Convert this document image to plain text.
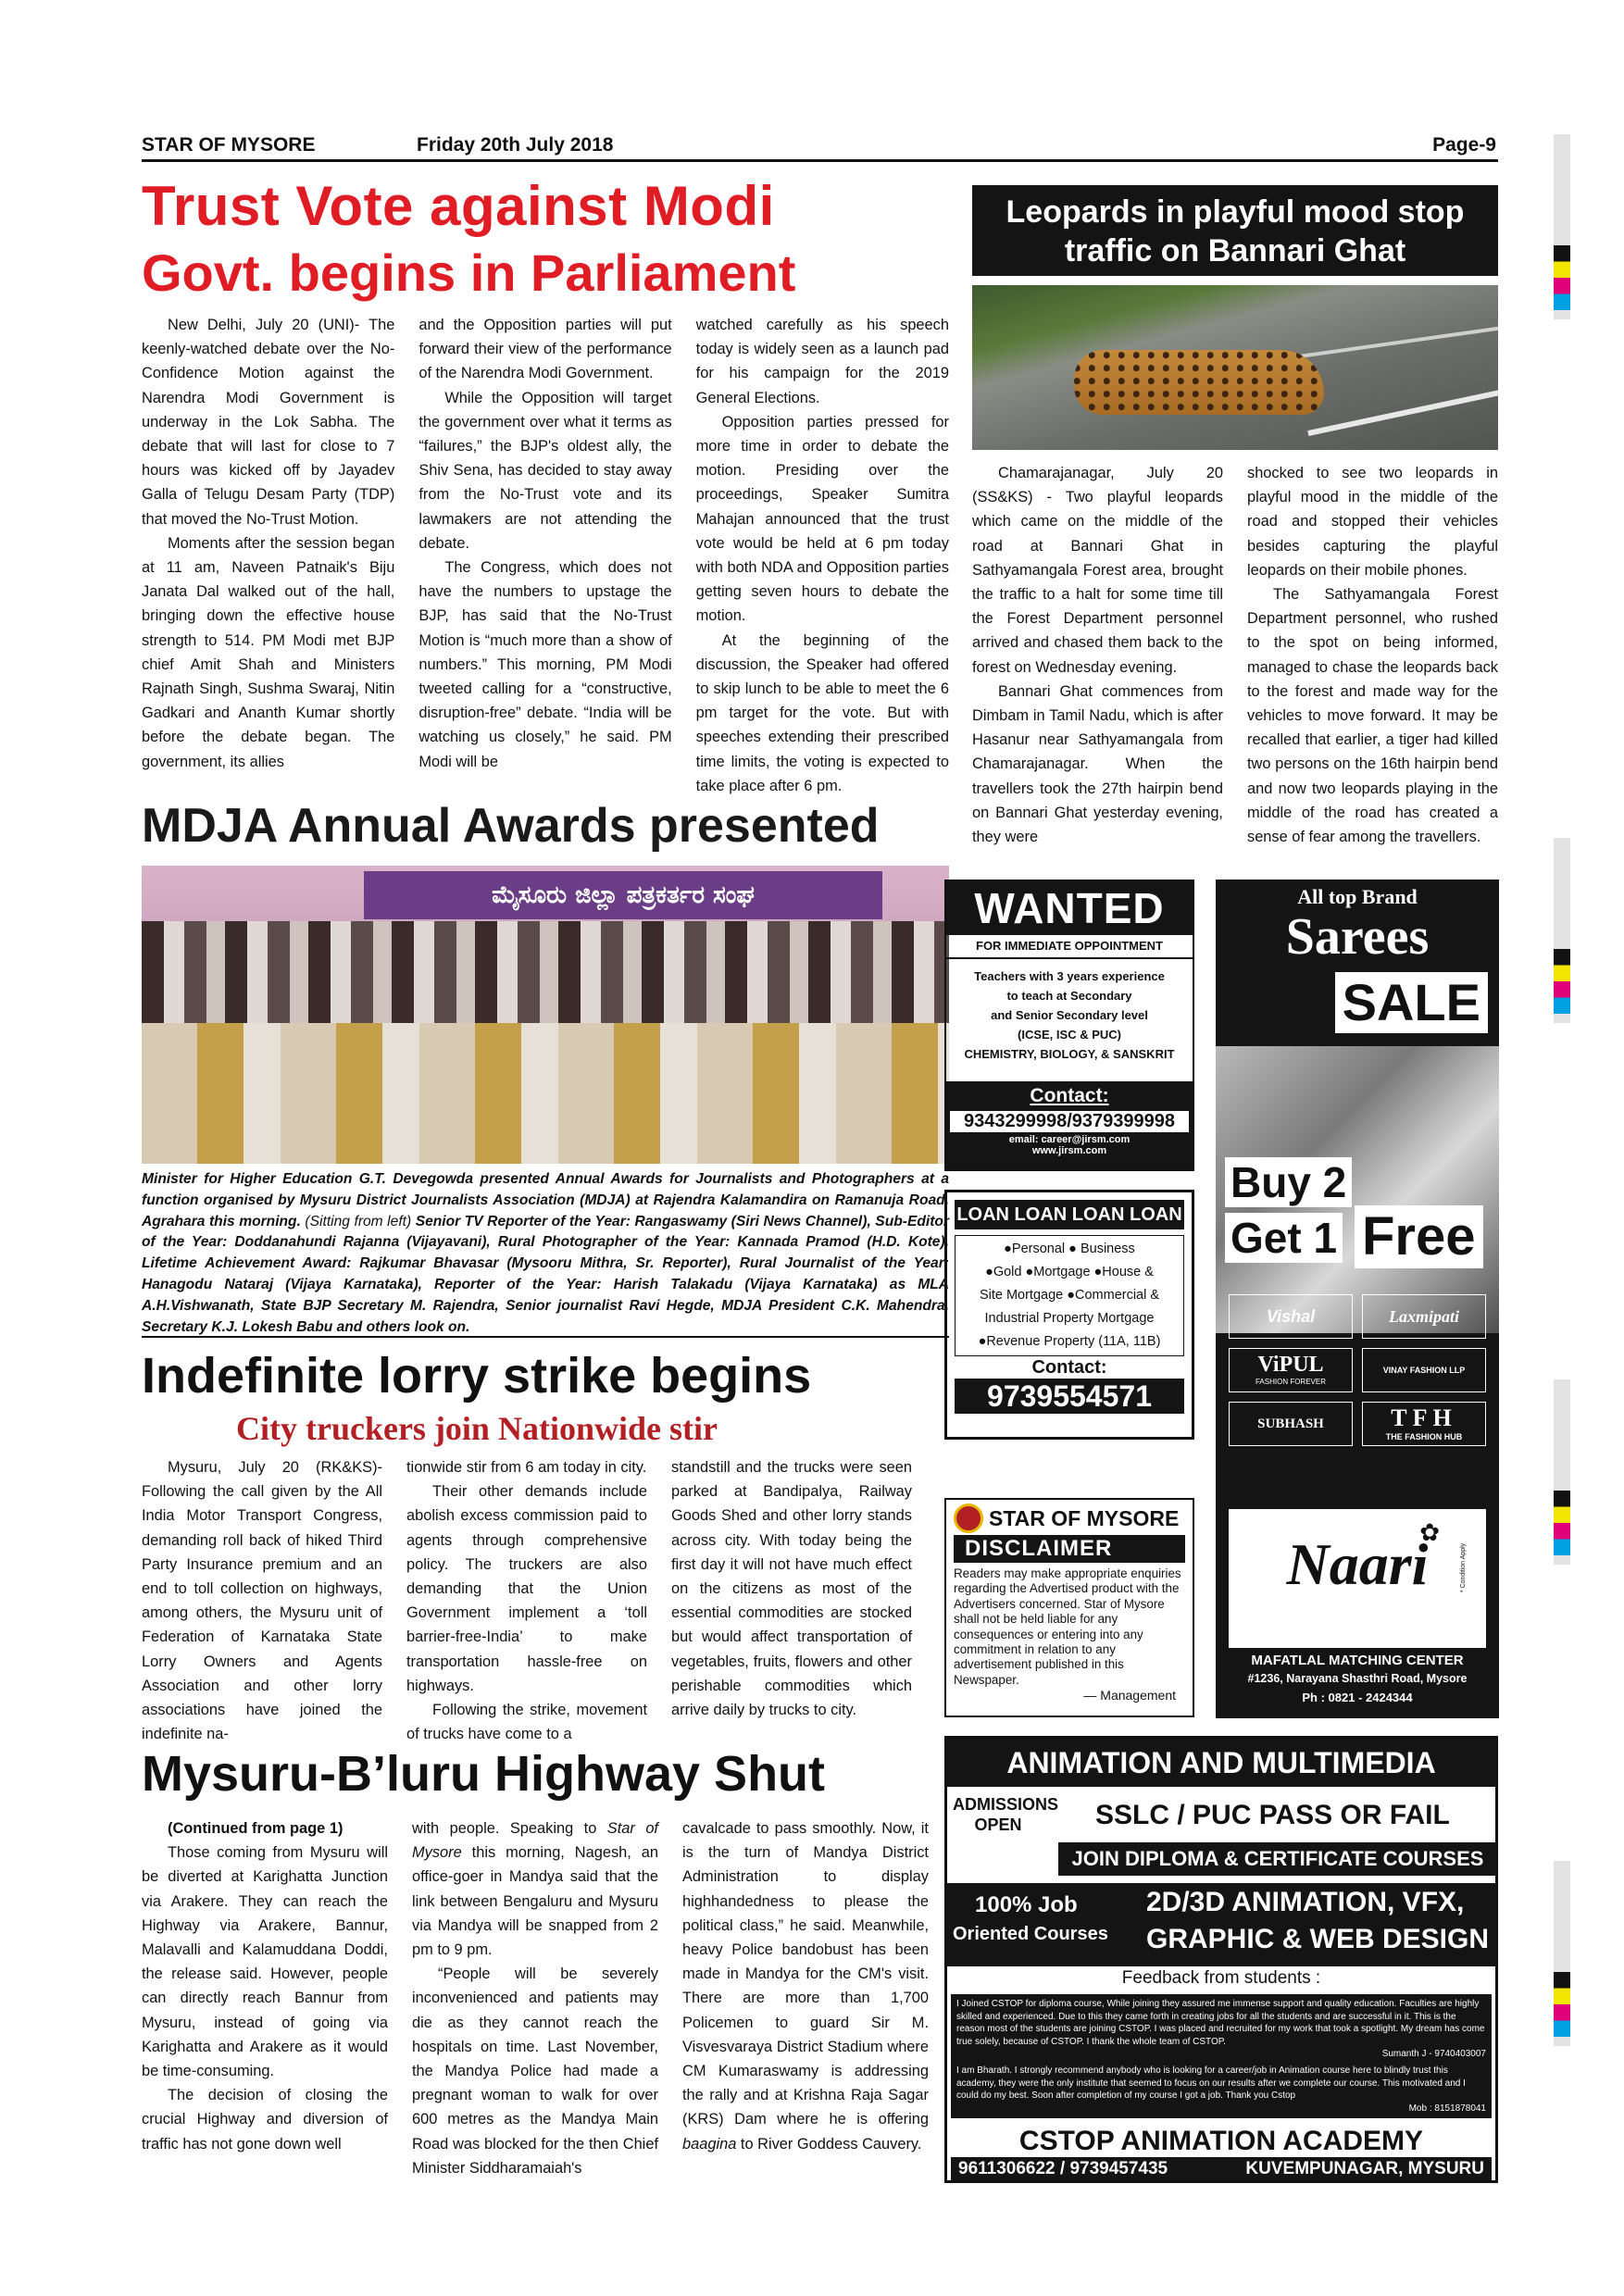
STAR OF MYSORE	Friday 20th July 2018	Page-9
Trust Vote against Modi
Govt. begins in Parliament

New Delhi, July 20 (UNI)- The keenly-watched debate over the No-Confidence Motion against the Narendra Modi Government is underway in the Lok Sabha. The debate that will last for close to 7 hours was kicked off by Jayadev Galla of Telugu Desam Party (TDP) that moved the No-Trust Motion.

Moments after the session began at 11 am, Naveen Patnaik's Biju Janata Dal walked out of the hall, bringing down the effective house strength to 514. PM Modi met BJP chief Amit Shah and Ministers Rajnath Singh, Sushma Swaraj, Nitin Gadkari and Ananth Kumar shortly before the debate began. The government, its allies

and the Opposition parties will put forward their view of the performance of the Narendra Modi Government.

While the Opposition will target the government over what it terms as “failures,” the BJP's oldest ally, the Shiv Sena, has decided to stay away from the No-Trust vote and its lawmakers are not attending the debate.

The Congress, which does not have the numbers to upstage the BJP, has said that the No-Trust Motion is “much more than a show of numbers.” This morning, PM Modi tweeted calling for a “constructive, disruption-free” debate. “India will be watching us closely,” he said. PM Modi will be

watched carefully as his speech today is widely seen as a launch pad for his campaign for the 2019 General Elections.

Opposition parties pressed for more time in order to debate the motion. Presiding over the proceedings, Speaker Sumitra Mahajan announced that the trust vote would be held at 6 pm today with both NDA and Opposition parties getting seven hours to debate the motion.

At the beginning of the discussion, the Speaker had offered to skip lunch to be able to meet the 6 pm target for the vote. But with speeches extending their prescribed time limits, the voting is expected to take place after 6 pm.

Leopards in playful mood stop
traffic on Bannari Ghat

Chamarajanagar, July 20 (SS&KS) - Two playful leopards which came on the middle of the road at Bannari Ghat in Sathyamangala Forest area, brought the traffic to a halt for some time till the Forest Department personnel arrived and chased them back to the forest on Wednesday evening.

Bannari Ghat commences from Dimbam in Tamil Nadu, which is after Hasanur near Sathyamangala from Chamarajanagar. When the travellers took the 27th hairpin bend on Bannari Ghat yesterday evening, they were

shocked to see two leopards in playful mood in the middle of the road and stopped their vehicles besides capturing the playful leopards on their mobile phones.

The Sathyamangala Forest Department personnel, who rushed to the spot on being informed, managed to chase the leopards back to the forest and made way for the vehicles to move forward. It may be recalled that earlier, a tiger had killed two persons on the 16th hairpin bend and now two leopards playing in the middle of the road has created a sense of fear among the travellers.

MDJA Annual Awards presented
ಮೈಸೂರು ಜಿಲ್ಲಾ ಪತ್ರಕರ್ತರ ಸಂಘ
Minister for Higher Education G.T. Devegowda presented Annual Awards for Journalists and Photographers at a function organised by Mysuru District Journalists Association (MDJA) at Rajendra Kalamandira on Ramanuja Road, Agrahara this morning. (Sitting from left) Senior TV Reporter of the Year: Rangaswamy (Siri News Channel), Sub-Editor of the Year: Doddanahundi Rajanna (Vijayavani), Rural Photographer of the Year: Kannada Pramod (H.D. Kote), Lifetime Achievement Award: Rajkumar Bhavasar (Mysooru Mithra, Sr. Reporter), Rural Journalist of the Year: Hanagodu Nataraj (Vijaya Karnataka), Reporter of the Year: Harish Talakadu (Vijaya Karnataka) as MLA A.H.Vishwanath, State BJP Secretary M. Rajendra, Senior journalist Ravi Hegde, MDJA President C.K. Mahendra, Secretary K.J. Lokesh Babu and others look on.
Indefinite lorry strike begins
City truckers join Nationwide stir

Mysuru, July 20 (RK&KS)- Following the call given by the All India Motor Transport Congress, demanding roll back of hiked Third Party Insurance premium and an end to toll collection on highways, among others, the Mysuru unit of Federation of Karnataka State Lorry Owners and Agents Association and other lorry associations have joined the indefinite na-

tionwide stir from 6 am today in city.

Their other demands include abolish excess commission paid to agents through comprehensive policy. The truckers are also demanding that the Union Government implement a ‘toll barrier-free-India’ to make transportation hassle-free on highways.

Following the strike, movement of trucks have come to a

standstill and the trucks were seen parked at Bandipalya, Railway Goods Shed and other lorry stands across city. With today being the first day it will not have much effect on the citizens as most of the essential commodities are stocked but would affect transportation of vegetables, fruits, flowers and other perishable commodities which arrive daily by trucks to city.

Mysuru-B’luru Highway Shut

(Continued from page 1)

Those coming from Mysuru will be diverted at Karighatta Junction via Arakere. They can reach the Highway via Arakere, Bannur, Malavalli and Kalamuddana Doddi, the release said. However, people can directly reach Bannur from Mysuru, instead of going via Karighatta and Arakere as it would be time-consuming.

The decision of closing the crucial Highway and diversion of traffic has not gone down well

with people. Speaking to Star of Mysore this morning, Nagesh, an office-goer in Mandya said that the link between Bengaluru and Mysuru via Mandya will be snapped from 2 pm to 9 pm.

“People will be severely inconvenienced and patients may die as they cannot reach the hospitals on time. Last November, the Mandya Police had made a pregnant woman to walk for over 600 metres as the Mandya Main Road was blocked for the then Chief Minister Siddharamaiah's

cavalcade to pass smoothly. Now, it is the turn of Mandya District Administration to display highhandedness to please the political class,” he said. Meanwhile, heavy Police bandobust has been made in Mandya for the CM's visit. There are more than 1,700 Policemen to guard Sir M. Visvesvaraya District Stadium where CM Kumaraswamy is addressing the rally and at Krishna Raja Sagar (KRS) Dam where he is offering baagina to River Goddess Cauvery.

WANTED
FOR IMMEDIATE OPPOINTMENT
Teachers with 3 years experience
to teach at Secondary
and Senior Secondary level
(ICSE, ISC & PUC)
CHEMISTRY, BIOLOGY, & SANSKRIT
Contact:
9343299998/9379399998
email: career@jirsm.com
www.jirsm.com
LOAN LOAN LOAN LOAN
●Personal ● Business
●Gold ●Mortgage ●House &
Site Mortgage ●Commercial &
Industrial Property Mortgage
●Revenue Property (11A, 11B)
Contact:
9739554571
STAR OF MYSORE
DISCLAIMER
Readers may make appropriate enquiries regarding the Advertised product with the Advertisers concerned. Star of Mysore shall not be held liable for any consequences or entering into any commitment in relation to any advertisement published in this Newspaper.
— Management
All top Brand
Sarees
SALE
Buy 2
Get 1 Free
Vishal	Laxmipati
ViPUL
FASHION FOREVER
VINAY FASHION LLP
SUBHASH	TFH
THE FASHION HUB
Naari
✿
* Condition Apply
MAFATLAL MATCHING CENTER
#1236, Narayana Shasthri Road, Mysore
Ph : 0821 - 2424344
ANIMATION AND MULTIMEDIA
ADMISSIONS OPEN	SSLC / PUC PASS OR FAIL
JOIN DIPLOMA & CERTIFICATE COURSES
100% Job
Oriented Courses
2D/3D ANIMATION, VFX,
GRAPHIC & WEB DESIGN
Feedback from students :
I Joined CSTOP for diploma course, While joining they assured me immense support and quality education. Faculties are highly skilled and experienced. Due to this they came forth in creating jobs for all the students and are successful in it. This is the reason most of the students are joining CSTOP. I was placed and recruited for my work that took a spotlight. My dream has come true solely, because of CSTOP. I thank the whole team of CSTOP.
Sumanth J - 9740403007
I am Bharath. I strongly recommend anybody who is looking for a career/job in Animation course here to blindly trust this academy, they were the only institute that seemed to focus on our results after we complete our course. This motivated and I could do my best. Soon after completion of my course I got a job. Thank you Cstop
Mob : 8151878041
CSTOP ANIMATION ACADEMY
9611306622 / 9739457435	KUVEMPUNAGAR, MYSURU
